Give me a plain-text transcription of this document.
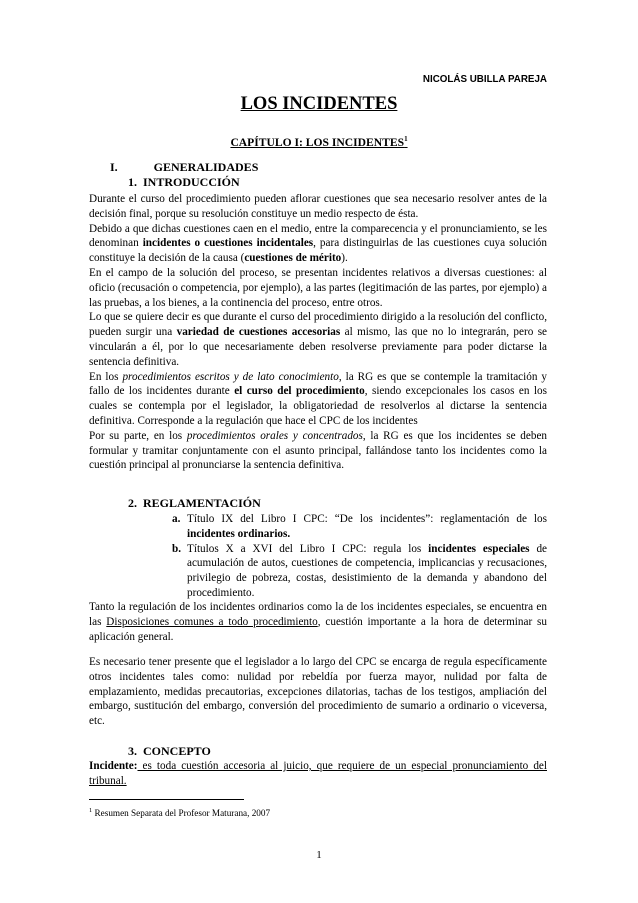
NICOLÁS UBILLA PAREJA
LOS INCIDENTES
CAPÍTULO I: LOS INCIDENTES$^1$
I.	GENERALIDADES
1. INTRODUCCIÓN
Durante el curso del procedimiento pueden aflorar cuestiones que sea necesario resolver antes de la decisión final, porque su resolución constituye un medio respecto de ésta.
Debido a que dichas cuestiones caen en el medio, entre la comparecencia y el pronunciamiento, se les denominan incidentes o cuestiones incidentales, para distinguirlas de las cuestiones cuya solución constituye la decisión de la causa (cuestiones de mérito).
En el campo de la solución del proceso, se presentan incidentes relativos a diversas cuestiones: al oficio (recusación o competencia, por ejemplo), a las partes (legitimación de las partes, por ejemplo) a las pruebas, a los bienes, a la continencia del proceso, entre otros.
Lo que se quiere decir es que durante el curso del procedimiento dirigido a la resolución del conflicto, pueden surgir una variedad de cuestiones accesorias al mismo, las que no lo integrarán, pero se vincularán a él, por lo que necesariamente deben resolverse previamente para poder dictarse la sentencia definitiva.
En los procedimientos escritos y de lato conocimiento, la RG es que se contemple la tramitación y fallo de los incidentes durante el curso del procedimiento, siendo excepcionales los casos en los cuales se contempla por el legislador, la obligatoriedad de resolverlos al dictarse la sentencia definitiva. Corresponde a la regulación que hace el CPC de los incidentes
Por su parte, en los procedimientos orales y concentrados, la RG es que los incidentes se deben formular y tramitar conjuntamente con el asunto principal, fallándose tanto los incidentes como la cuestión principal al pronunciarse la sentencia definitiva.
2. REGLAMENTACIÓN
a. Título IX del Libro I CPC: “De los incidentes”: reglamentación de los incidentes ordinarios.
b. Títulos X a XVI del Libro I CPC: regula los incidentes especiales de acumulación de autos, cuestiones de competencia, implicancias y recusaciones, privilegio de pobreza, costas, desistimiento de la demanda y abandono del procedimiento.
Tanto la regulación de los incidentes ordinarios como la de los incidentes especiales, se encuentra en las Disposiciones comunes a todo procedimiento, cuestión importante a la hora de determinar su aplicación general.
Es necesario tener presente que el legislador a lo largo del CPC se encarga de regula específicamente otros incidentes tales como: nulidad por rebeldía por fuerza mayor, nulidad por falta de emplazamiento, medidas precautorias, excepciones dilatorias, tachas de los testigos, ampliación del embargo, sustitución del embargo, conversión del procedimiento de sumario a ordinario o viceversa, etc.
3. CONCEPTO
Incidente: es toda cuestión accesoria al juicio, que requiere de un especial pronunciamiento del tribunal.
$^1$ Resumen Separata del Profesor Maturana, 2007
1
